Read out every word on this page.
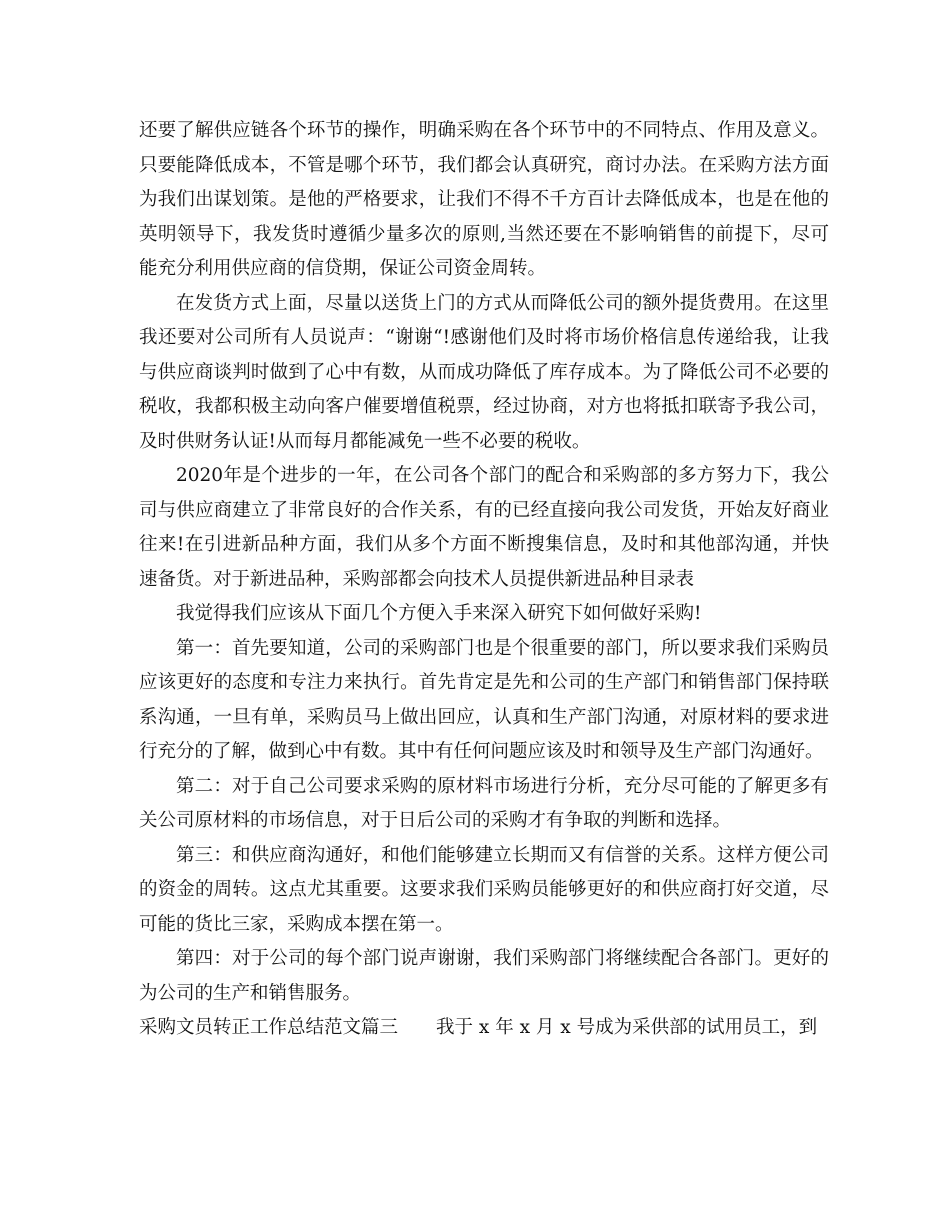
还要了解供应链各个环节的操作，明确采购在各个环节中的不同特点、作用及意义。只要能降低成本，不管是哪个环节，我们都会认真研究，商讨办法。在采购方法方面为我们出谋划策。是他的严格要求，让我们不得不千方百计去降低成本，也是在他的英明领导下，我发货时遵循少量多次的原则,当然还要在不影响销售的前提下，尽可能充分利用供应商的信贷期，保证公司资金周转。

在发货方式上面，尽量以送货上门的方式从而降低公司的额外提货费用。在这里我还要对公司所有人员说声：“谢谢“!感谢他们及时将市场价格信息传递给我，让我与供应商谈判时做到了心中有数，从而成功降低了库存成本。为了降低公司不必要的税收，我都积极主动向客户催要增值税票，经过协商，对方也将抵扣联寄予我公司，及时供财务认证!从而每月都能减免一些不必要的税收。

2020年是个进步的一年，在公司各个部门的配合和采购部的多方努力下，我公司与供应商建立了非常良好的合作关系，有的已经直接向我公司发货，开始友好商业往来!在引进新品种方面，我们从多个方面不断搜集信息，及时和其他部沟通，并快速备货。对于新进品种，采购部都会向技术人员提供新进品种目录表

我觉得我们应该从下面几个方便入手来深入研究下如何做好采购!

第一：首先要知道，公司的采购部门也是个很重要的部门，所以要求我们采购员应该更好的态度和专注力来执行。首先肯定是先和公司的生产部门和销售部门保持联系沟通，一旦有单，采购员马上做出回应，认真和生产部门沟通，对原材料的要求进行充分的了解，做到心中有数。其中有任何问题应该及时和领导及生产部门沟通好。

第二：对于自己公司要求采购的原材料市场进行分析，充分尽可能的了解更多有关公司原材料的市场信息，对于日后公司的采购才有争取的判断和选择。

第三：和供应商沟通好，和他们能够建立长期而又有信誉的关系。这样方便公司的资金的周转。这点尤其重要。这要求我们采购员能够更好的和供应商打好交道，尽可能的货比三家，采购成本摆在第一。

第四：对于公司的每个部门说声谢谢，我们采购部门将继续配合各部门。更好的为公司的生产和销售服务。

采购文员转正工作总结范文篇三 我于 x 年 x 月 x 号成为采供部的试用员工，到
